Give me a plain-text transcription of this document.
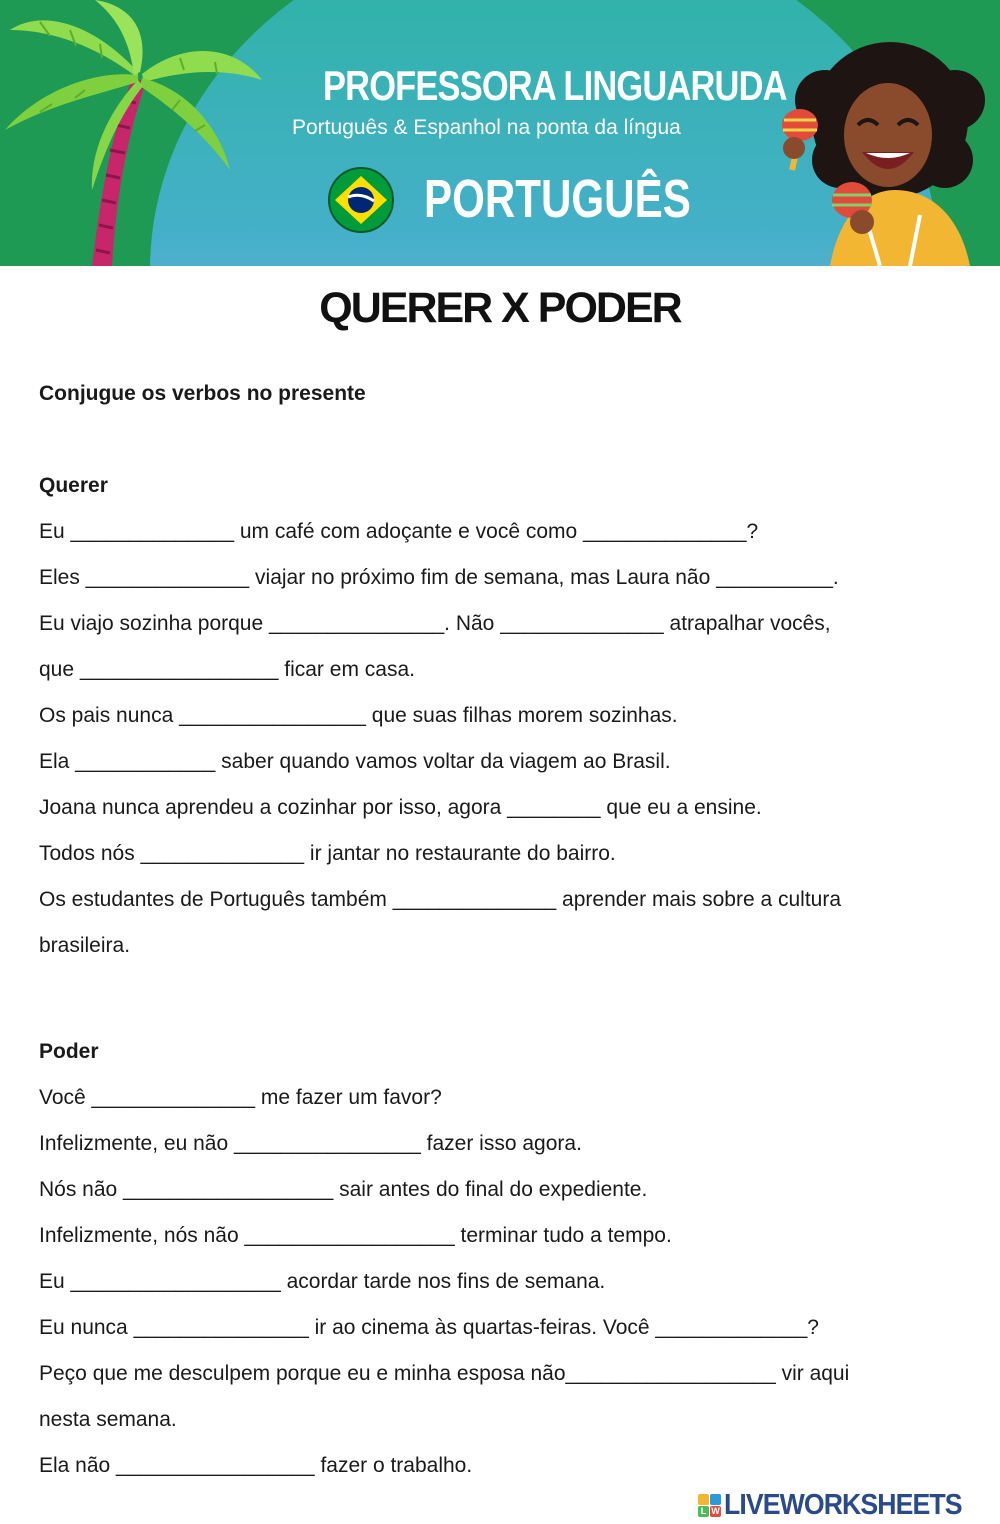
PROFESSORA LINGUARUDA
Português & Espanhol na ponta da língua
PORTUGUÊS
QUERER X PODER

Conjugue os verbos no presente

Querer

Eu ______________ um café com adoçante e você como ______________?

Eles ______________ viajar no próximo fim de semana, mas Laura não __________.

Eu viajo sozinha porque _______________. Não ______________ atrapalhar vocês,

que _________________ ficar em casa.

Os pais nunca ________________ que suas filhas morem sozinhas.

Ela ____________ saber quando vamos voltar da viagem ao Brasil.

Joana nunca aprendeu a cozinhar por isso, agora ________ que eu a ensine.

Todos nós ______________ ir jantar no restaurante do bairro.

Os estudantes de Português também ______________ aprender mais sobre a cultura

brasileira.

Poder

Você ______________ me fazer um favor?

Infelizmente, eu não ________________ fazer isso agora.

Nós não __________________ sair antes do final do expediente.

Infelizmente, nós não __________________ terminar tudo a tempo.

Eu __________________ acordar tarde nos fins de semana.

Eu nunca _______________ ir ao cinema às quartas-feiras. Você _____________?

Peço que me desculpem porque eu e minha esposa não__________________ vir aqui

nesta semana.

Ela não _________________ fazer o trabalho.

L W LIVEWORKSHEETS
